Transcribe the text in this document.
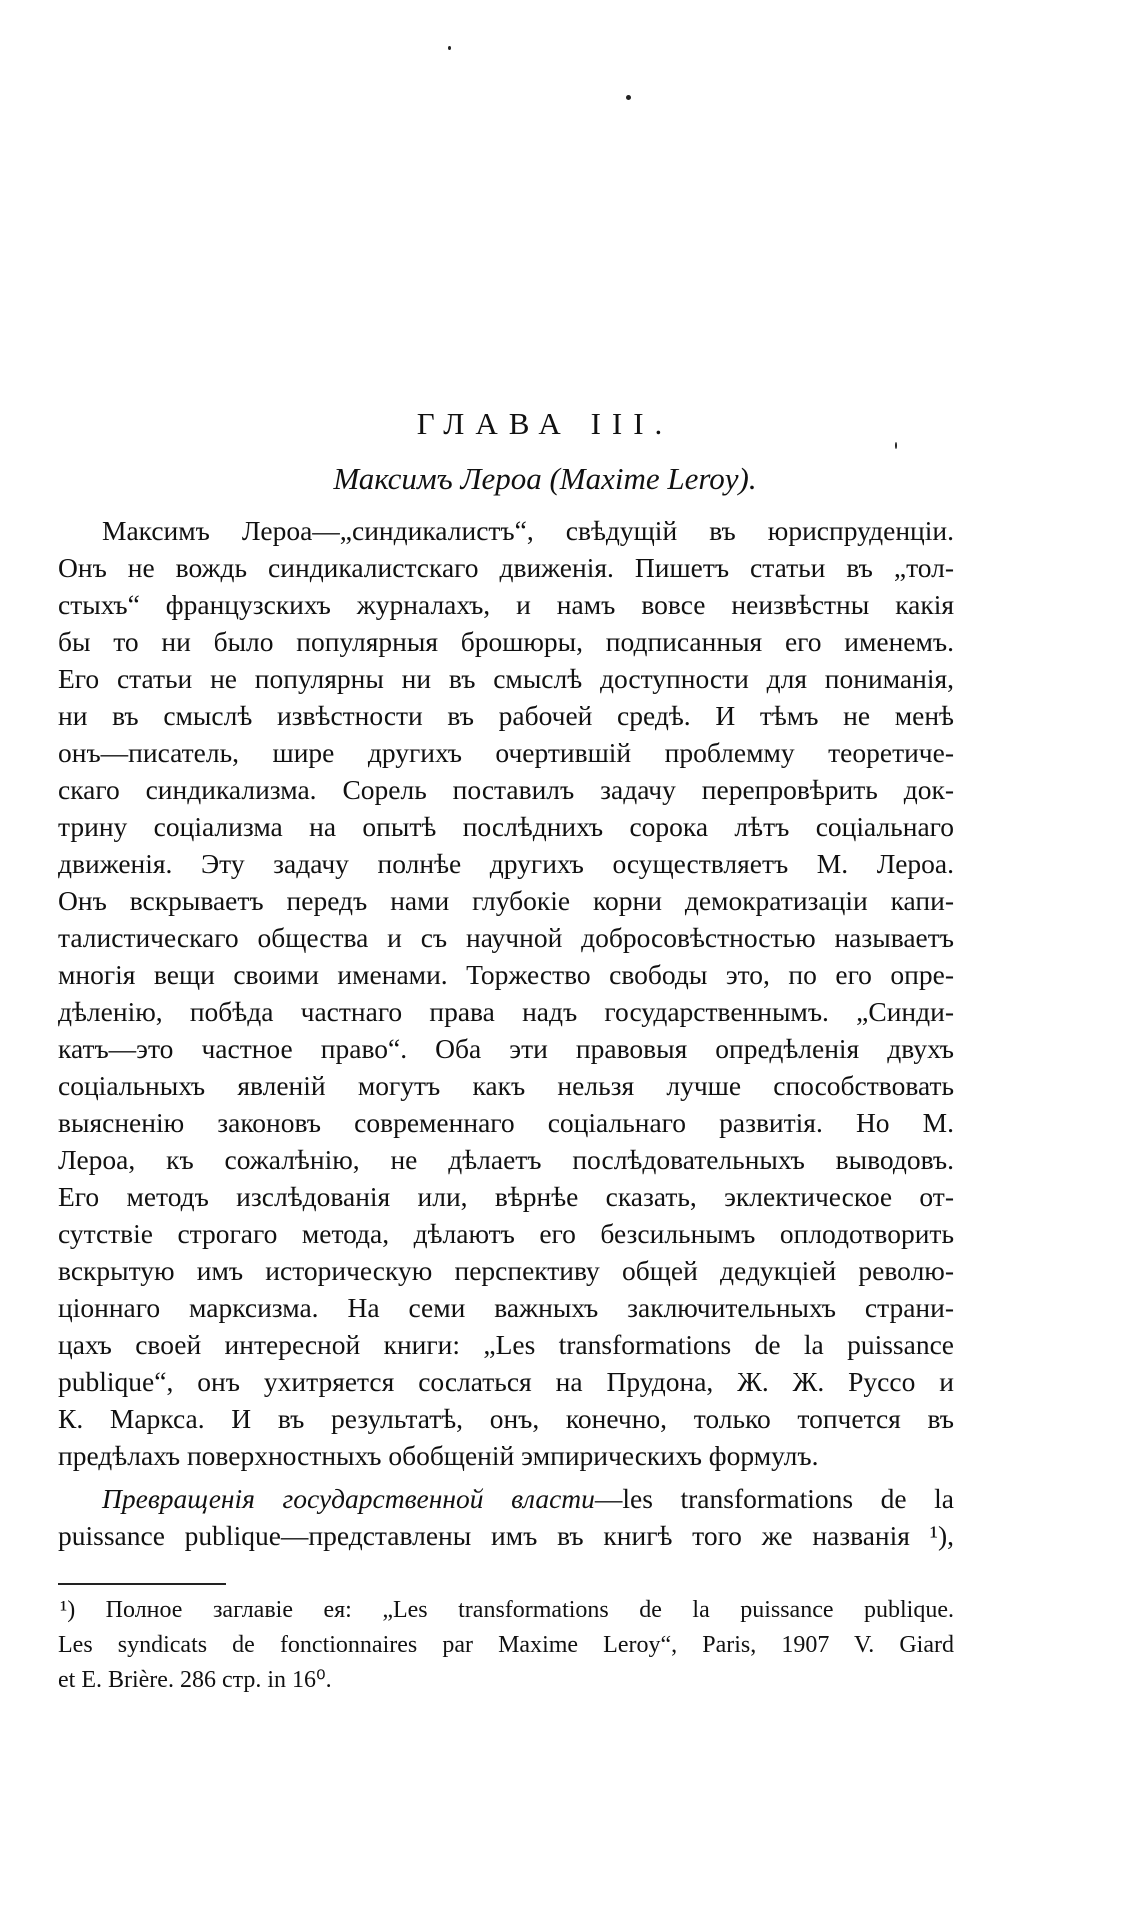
ГЛАВА III.
Максимъ Лероа (Maxime Leroy).
Максимъ Лероа—„синдикалистъ“, свѣдущій въ юриспруденціи.
Онъ не вождь синдикалистскаго движенія. Пишетъ статьи въ „тол-
стыхъ“ французскихъ журналахъ, и намъ вовсе неизвѣстны какія
бы то ни было популярныя брошюры, подписанныя его именемъ.
Его статьи не популярны ни въ смыслѣ доступности для пониманія,
ни въ смыслѣ извѣстности въ рабочей средѣ. И тѣмъ не менѣ
онъ—писатель, шире другихъ очертившій проблемму теоретиче-
скаго синдикализма. Сорель поставилъ задачу перепровѣрить док-
трину соціализма на опытѣ послѣднихъ сорока лѣтъ соціальнаго
движенія. Эту задачу полнѣе другихъ осуществляетъ М. Лероа.
Онъ вскрываетъ передъ нами глубокіе корни демократизаціи капи-
талистическаго общества и съ научной добросовѣстностью называетъ
многія вещи своими именами. Торжество свободы это, по его опре-
дѣленію, побѣда частнаго права надъ государственнымъ. „Синди-
катъ—это частное право“. Оба эти правовыя опредѣленія двухъ
соціальныхъ явленій могутъ какъ нельзя лучше способствовать
выясненію законовъ современнаго соціальнаго развитія. Но М.
Лероа, къ сожалѣнію, не дѣлаетъ послѣдовательныхъ выводовъ.
Его методъ изслѣдованія или, вѣрнѣе сказать, эклектическое от-
сутствіе строгаго метода, дѣлаютъ его безсильнымъ оплодотворить
вскрытую имъ историческую перспективу общей дедукціей револю-
ціоннаго марксизма. На семи важныхъ заключительныхъ страни-
цахъ своей интересной книги: „Les transformations de la puissance
publique“, онъ ухитряется сослаться на Прудона, Ж. Ж. Руссо и
К. Маркса. И въ результатѣ, онъ, конечно, только топчется въ
предѣлахъ поверхностныхъ обобщеній эмпирическихъ формулъ.
Превращенія государственной власти—les transformations de la
puissance publique—представлены имъ въ книгѣ того же названія ¹),
¹) Полное заглавіе ея: „Les transformations de la puissance publique.
Les syndicats de fonctionnaires par Maxime Leroy“, Paris, 1907 V. Giard
et E. Brière. 286 стр. in 16⁰.
